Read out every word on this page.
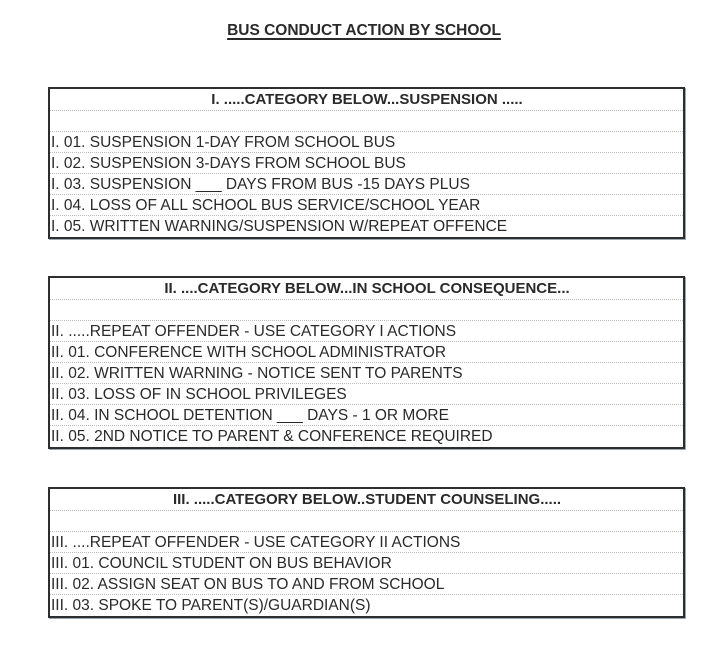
BUS CONDUCT ACTION BY SCHOOL
I. .....CATEGORY BELOW...SUSPENSION .....
I. 01. SUSPENSION 1-DAY FROM SCHOOL BUS
I. 02. SUSPENSION 3-DAYS FROM SCHOOL BUS
I. 03. SUSPENSION ___ DAYS FROM BUS -15 DAYS PLUS
I. 04. LOSS OF ALL SCHOOL BUS SERVICE/SCHOOL YEAR
I. 05. WRITTEN WARNING/SUSPENSION W/REPEAT OFFENCE
II. ....CATEGORY BELOW...IN SCHOOL CONSEQUENCE...
II. .....REPEAT OFFENDER - USE CATEGORY I ACTIONS
II. 01. CONFERENCE WITH SCHOOL ADMINISTRATOR
II. 02. WRITTEN WARNING - NOTICE SENT TO PARENTS
II. 03. LOSS OF IN SCHOOL PRIVILEGES
II. 04. IN SCHOOL DETENTION ___ DAYS - 1 OR MORE
II. 05. 2ND NOTICE TO PARENT & CONFERENCE REQUIRED
III. .....CATEGORY BELOW..STUDENT COUNSELING.....
III. ....REPEAT OFFENDER - USE CATEGORY II ACTIONS
III. 01. COUNCIL STUDENT ON BUS BEHAVIOR
III. 02. ASSIGN SEAT ON BUS TO AND FROM SCHOOL
III. 03. SPOKE TO PARENT(S)/GUARDIAN(S)
